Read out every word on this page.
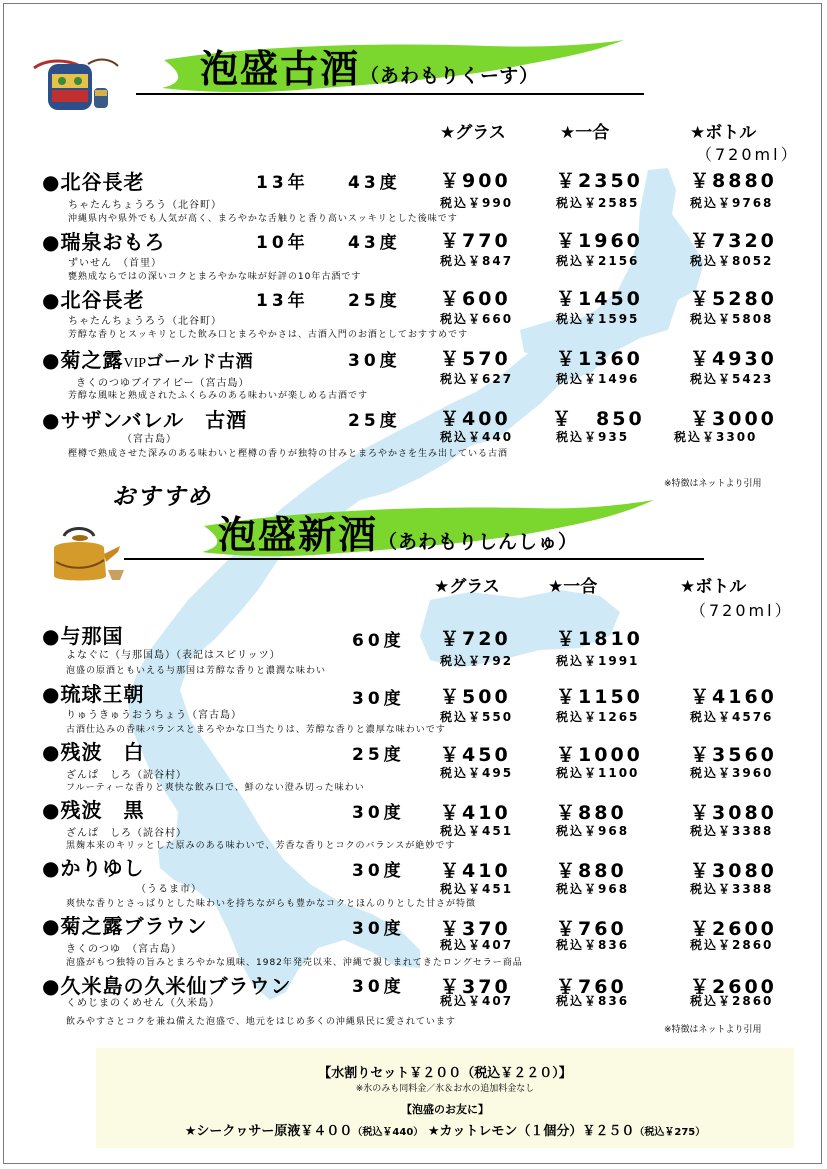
泡盛古酒（あわもりくーす）
★グラス	★一合	★ボトル
（720ml）
●北谷長老	13年 43度 ￥900 ￥2350 ￥8880
ちゃたんちょうろう（北谷町）	税込￥990	税込￥2585	税込￥9768
沖縄県内や県外でも人気が高く、まろやかな舌触りと香り高いスッキリとした後味です
●瑞泉おもろ	10年 43度 ￥770 ￥1960 ￥7320
ずいせん　（首里）	税込￥847	税込￥2156	税込￥8052
甕熟成ならではの深いコクとまろやかな味が好評の10年古酒です
●北谷長老	13年 25度 ￥600 ￥1450 ￥5280
ちゃたんちょうろう（北谷町）	税込￥660	税込￥1595	税込￥5808
芳醇な香りとスッキリとした飲み口とまろやかさは、古酒入門のお酒としておすすめです
●菊之露VIPゴールド古酒	30度 ￥570 ￥1360 ￥4930
きくのつゆブイアイピー（宮古島）	税込￥627	税込￥1496	税込￥5423
芳醇な風味と熟成されたふくらみのある味わいが楽しめる古酒です
●サザンバレル　古酒	25度 ￥400 ￥　850 ￥3000
（宮古島）	税込￥440	税込￥935	税込￥3300
樫樽で熟成させた深みのある味わいと樫樽の香りが独特の甘みとまろやかさを生み出している古酒
※特徴はネットより引用
おすすめ
泡盛新酒（あわもりしんしゅ）
★グラス	★一合	★ボトル
（720ml）
●与那国	60度 ￥720 ￥1810
よなぐに（与那国島）（表記はスピリッツ）	税込￥792	税込￥1991
泡盛の原酒ともいえる与那国は芳醇な香りと濃潤な味わい
●琉球王朝	30度 ￥500 ￥1150 ￥4160
りゅうきゅうおうちょう（宮古島）	税込￥550	税込￥1265	税込￥4576
古酒仕込みの香味バランスとまろやかな口当たりは、芳醇な香りと濃厚な味わいです
●残波　白	25度 ￥450 ￥1000 ￥3560
ざんぱ　しろ（読谷村）	税込￥495	税込￥1100	税込￥3960
フルーティーな香りと爽快な飲み口で、鮮のない澄み切った味わい
●残波　黒	30度 ￥410 ￥880	￥3080
ざんぱ　しろ（読谷村）	税込￥451	税込￥968	税込￥3388
黒麹本来のキリッとした原みのある味わいで、芳香な香りとコクのバランスが絶妙です
●かりゆし	30度 ￥410 ￥880	￥3080
（うるま市）	税込￥451	税込￥968	税込￥3388
爽快な香りとさっぱりとした味わいを持ちながらも豊かなコクとほんのりとした甘さが特徴
●菊之露ブラウン	30度 ￥370 ￥760	￥2600
きくのつゆ　（宮古島）	税込￥407	税込￥836	税込￥2860
泡盛がもつ独特の旨みとまろやかな風味、1982年発売以来、沖縄で親しまれてきたロングセラー商品
●久米島の久米仙ブラウン	30度 ￥370 ￥760	￥2600
くめじまのくめせん（久米島）	税込￥407	税込￥836	税込￥2860
飲みやすさとコクを兼ね備えた泡盛で、地元をはじめ多くの沖縄県民に愛されています
※特徴はネットより引用
【水割りセット￥２００（税込￥２２０）】
※氷のみも同料金／氷＆お水の追加料金なし
【泡盛のお友に】
★シークヮサー原液￥４００（税込￥440） ★カットレモン（１個分）￥２５０（税込￥275）
